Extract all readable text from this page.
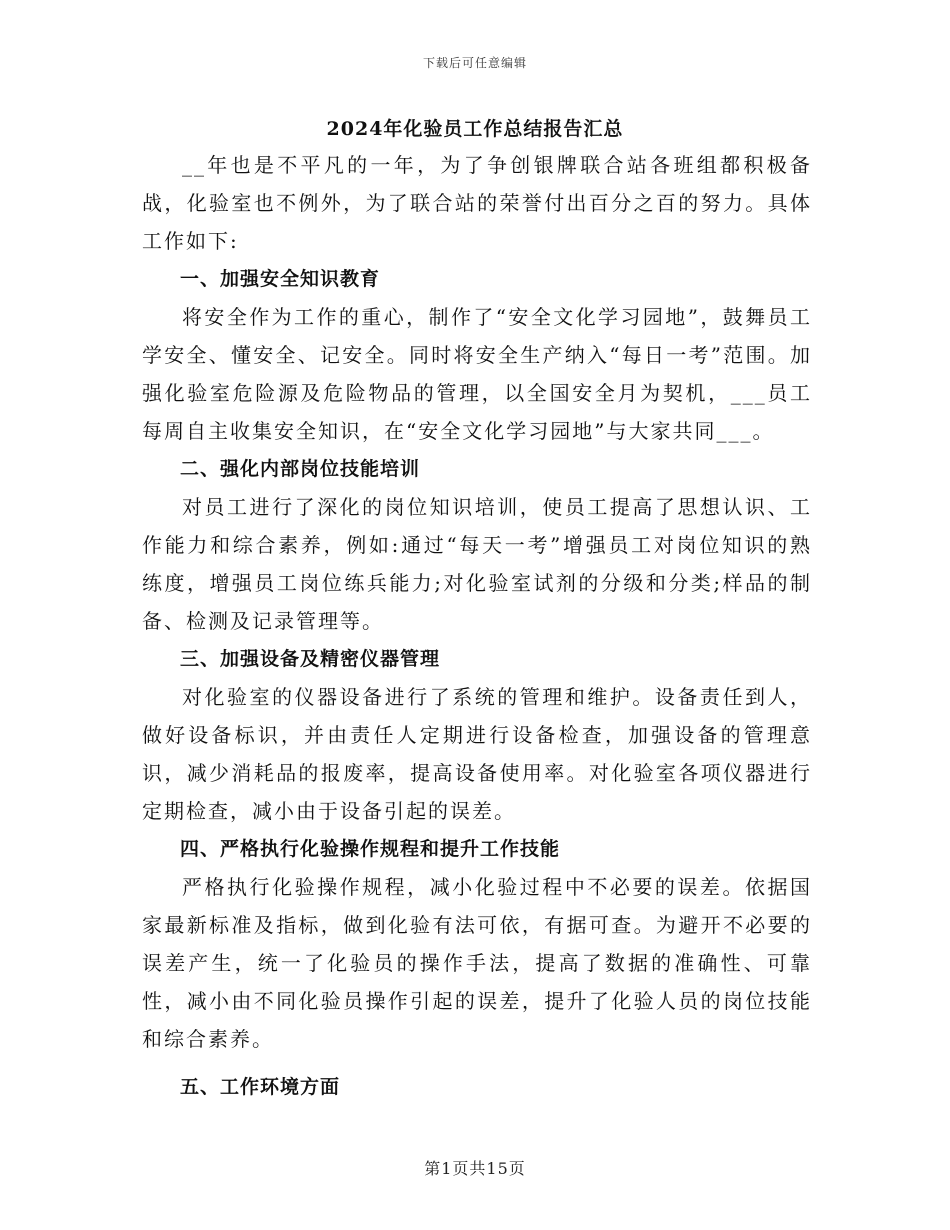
下载后可任意编辑
2024年化验员工作总结报告汇总

__年也是不平凡的一年，为了争创银牌联合站各班组都积极备战，化验室也不例外，为了联合站的荣誉付出百分之百的努力。具体工作如下:

一、加强安全知识教育

将安全作为工作的重心，制作了“安全文化学习园地”，鼓舞员工学安全、懂安全、记安全。同时将安全生产纳入“每日一考”范围。加强化验室危险源及危险物品的管理，以全国安全月为契机，___员工每周自主收集安全知识，在“安全文化学习园地”与大家共同___。

二、强化内部岗位技能培训

对员工进行了深化的岗位知识培训，使员工提高了思想认识、工作能力和综合素养，例如:通过“每天一考”增强员工对岗位知识的熟练度，增强员工岗位练兵能力;对化验室试剂的分级和分类;样品的制备、检测及记录管理等。

三、加强设备及精密仪器管理

对化验室的仪器设备进行了系统的管理和维护。设备责任到人，做好设备标识，并由责任人定期进行设备检查，加强设备的管理意识，减少消耗品的报废率，提高设备使用率。对化验室各项仪器进行定期检查，减小由于设备引起的误差。

四、严格执行化验操作规程和提升工作技能

严格执行化验操作规程，减小化验过程中不必要的误差。依据国家最新标准及指标，做到化验有法可依，有据可查。为避开不必要的误差产生，统一了化验员的操作手法，提高了数据的准确性、可靠性，减小由不同化验员操作引起的误差，提升了化验人员的岗位技能和综合素养。

五、工作环境方面

第1页共15页
